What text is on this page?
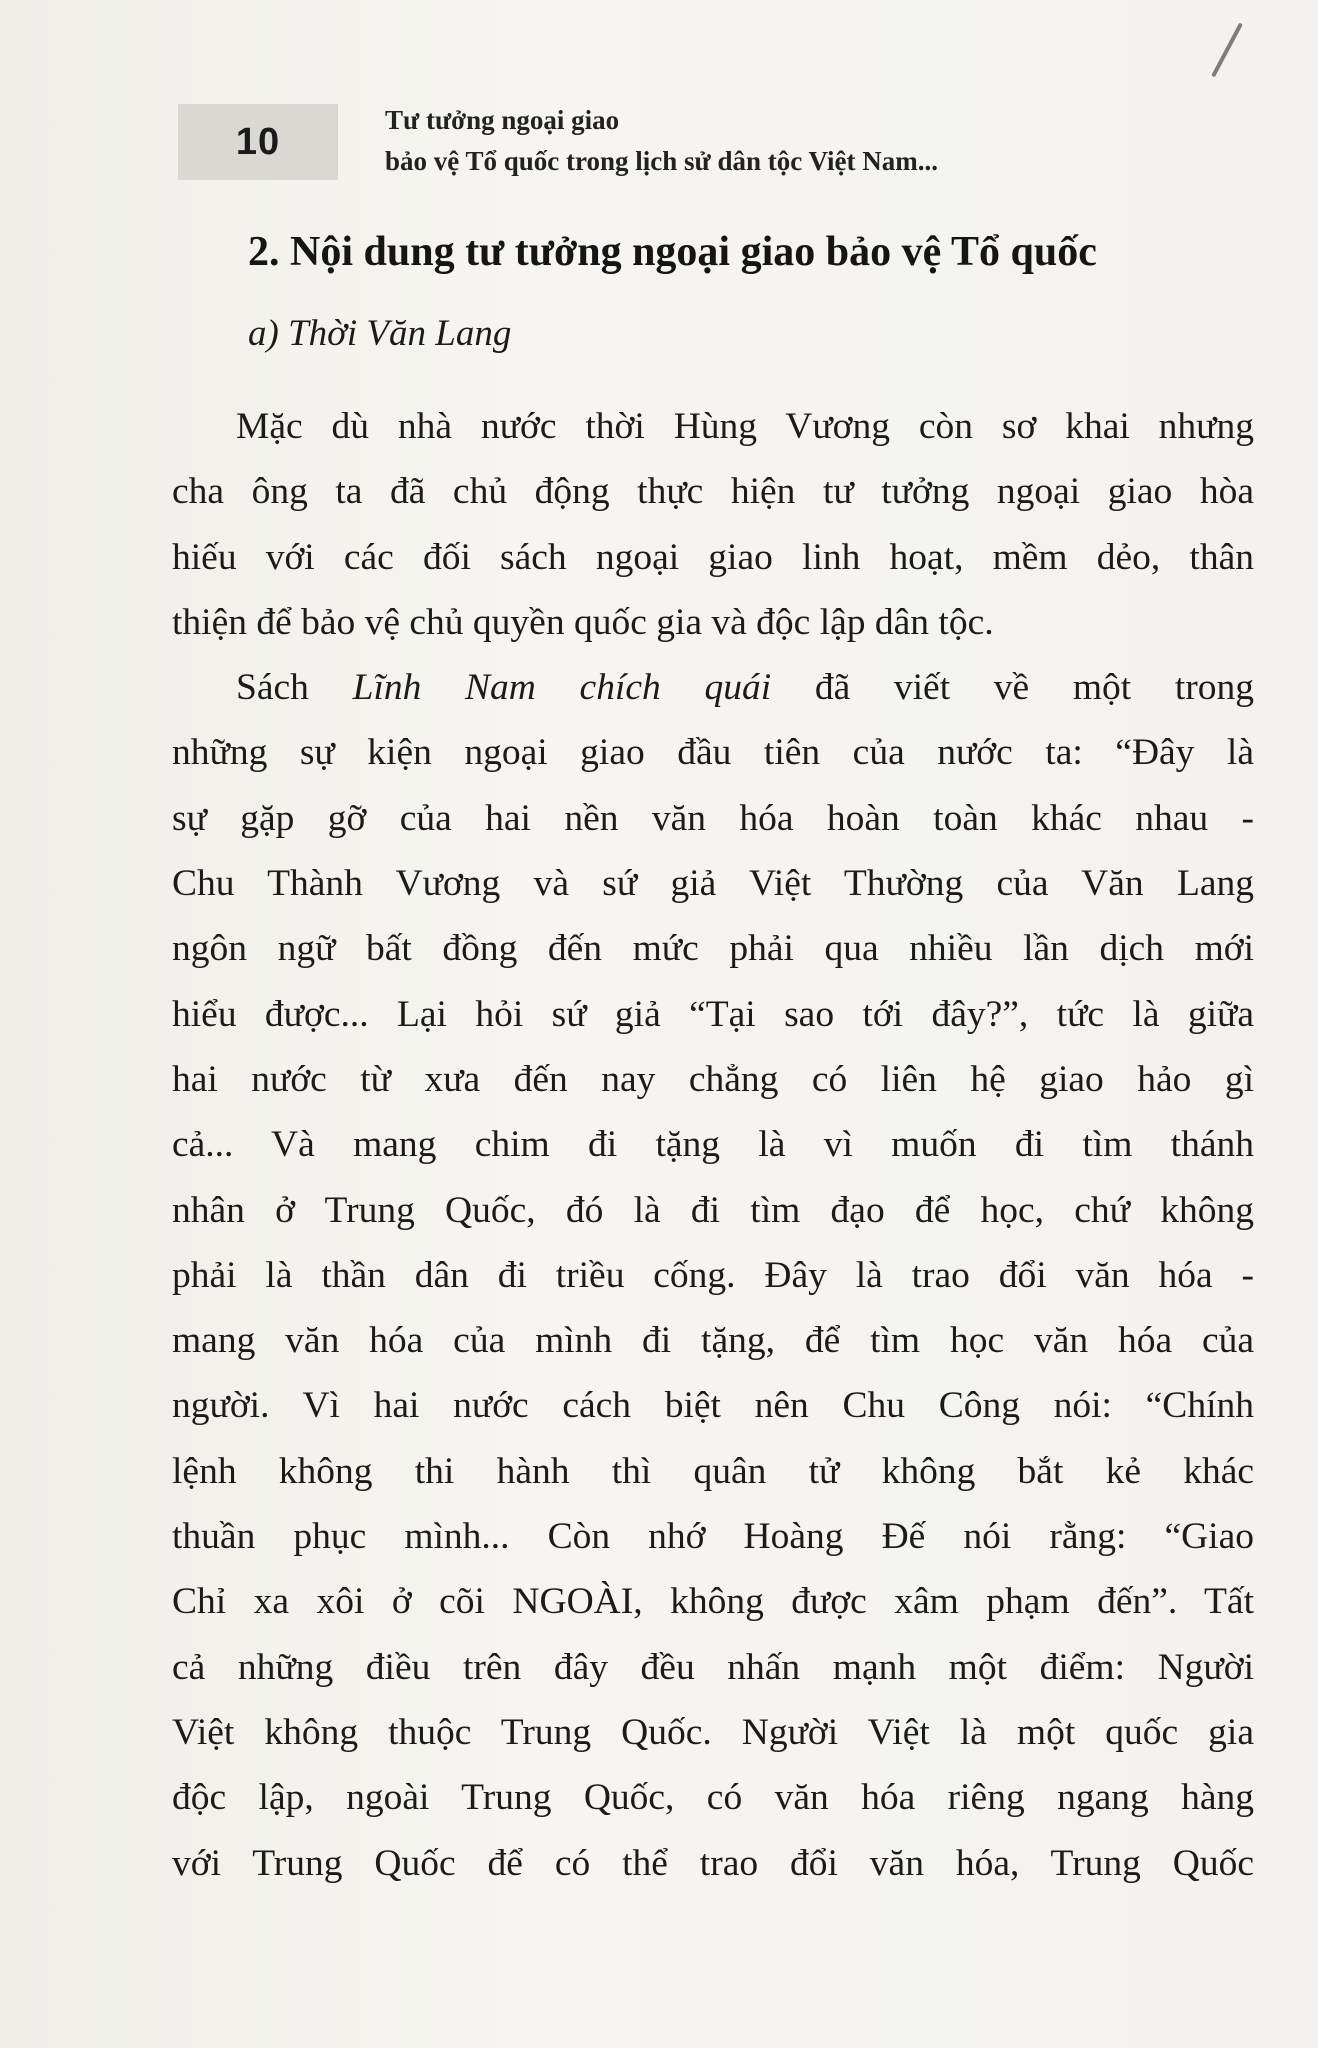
10
Tư tưởng ngoại giao
bảo vệ Tổ quốc trong lịch sử dân tộc Việt Nam...
2. Nội dung tư tưởng ngoại giao bảo vệ Tổ quốc
a) Thời Văn Lang
Mặc dù nhà nước thời Hùng Vương còn sơ khai nhưng
cha ông ta đã chủ động thực hiện tư tưởng ngoại giao hòa
hiếu với các đối sách ngoại giao linh hoạt, mềm dẻo, thân
thiện để bảo vệ chủ quyền quốc gia và độc lập dân tộc.
Sách Lĩnh Nam chích quái đã viết về một trong
những sự kiện ngoại giao đầu tiên của nước ta: “Đây là
sự gặp gỡ của hai nền văn hóa hoàn toàn khác nhau -
Chu Thành Vương và sứ giả Việt Thường của Văn Lang
ngôn ngữ bất đồng đến mức phải qua nhiều lần dịch mới
hiểu được... Lại hỏi sứ giả “Tại sao tới đây?”, tức là giữa
hai nước từ xưa đến nay chẳng có liên hệ giao hảo gì
cả... Và mang chim đi tặng là vì muốn đi tìm thánh
nhân ở Trung Quốc, đó là đi tìm đạo để học, chứ không
phải là thần dân đi triều cống. Đây là trao đổi văn hóa -
mang văn hóa của mình đi tặng, để tìm học văn hóa của
người. Vì hai nước cách biệt nên Chu Công nói: “Chính
lệnh không thi hành thì quân tử không bắt kẻ khác
thuần phục mình... Còn nhớ Hoàng Đế nói rằng: “Giao
Chỉ xa xôi ở cõi NGOÀI, không được xâm phạm đến”. Tất
cả những điều trên đây đều nhấn mạnh một điểm: Người
Việt không thuộc Trung Quốc. Người Việt là một quốc gia
độc lập, ngoài Trung Quốc, có văn hóa riêng ngang hàng
với Trung Quốc để có thể trao đổi văn hóa, Trung Quốc
